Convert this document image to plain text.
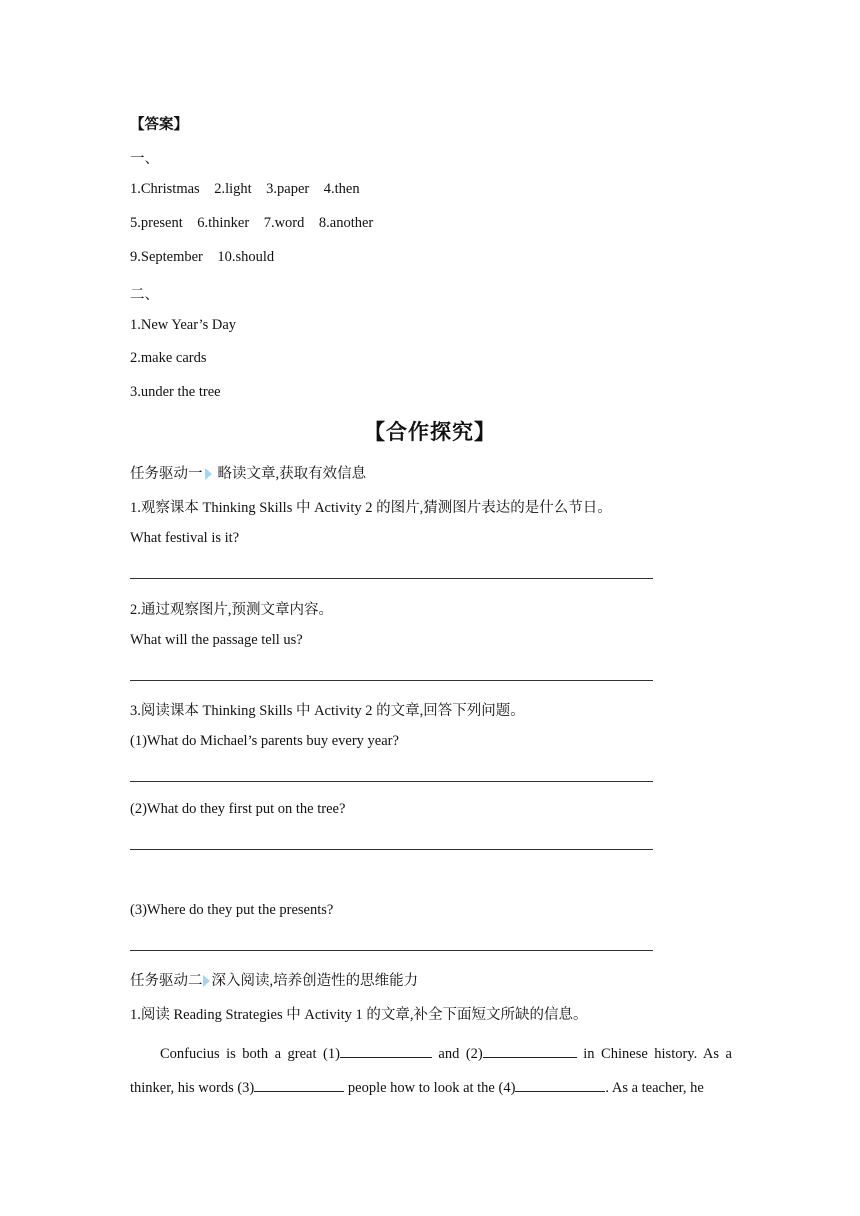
【答案】
一、
1.Christmas  2.light  3.paper  4.then
5.present  6.thinker  7.word  8.another
9.September  10.should
二、
1.New Year’s Day
2.make cards
3.under the tree
【合作探究】
任务驱动一 略读文章,获取有效信息
1.观察课本 Thinking Skills 中 Activity 2 的图片,猜测图片表达的是什么节日。
What festival is it?
2.通过观察图片,预测文章内容。
What will the passage tell us?
3.阅读课本 Thinking Skills 中 Activity 2 的文章,回答下列问题。
(1)What do Michael’s parents buy every year?
(2)What do they first put on the tree?
(3)Where do they put the presents?
任务驱动二 深入阅读,培养创造性的思维能力
1.阅读 Reading Strategies 中 Activity 1 的文章,补全下面短文所缺的信息。
Confucius is both a great (1)	and (2)	in Chinese history. As a thinker, his words (3)	people how to look at the (4)	. As a teacher, he
